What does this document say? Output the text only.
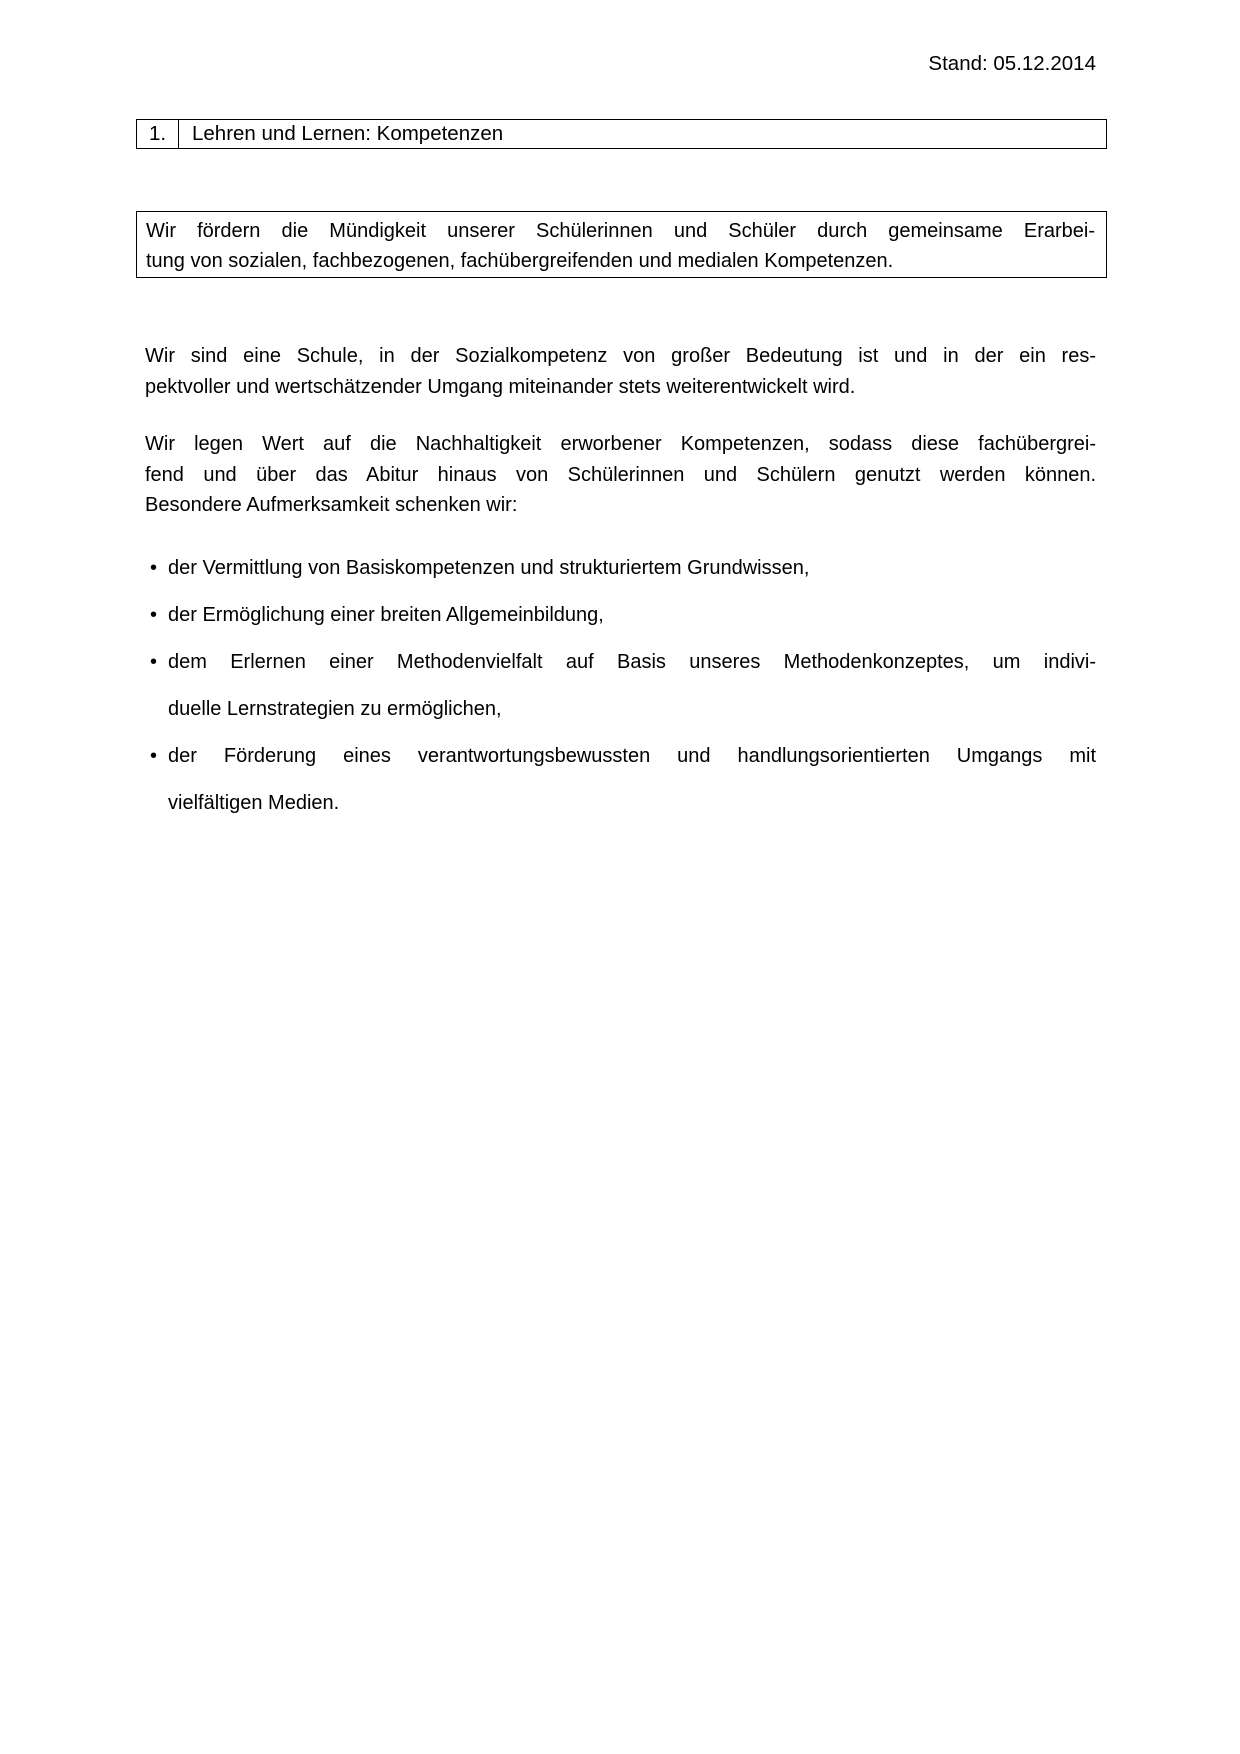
Stand: 05.12.2014
1.	Lehren und Lernen: Kompetenzen
Wir fördern die Mündigkeit unserer Schülerinnen und Schüler durch gemeinsame Erarbei-
tung von sozialen, fachbezogenen, fachübergreifenden und medialen Kompetenzen.
Wir sind eine Schule, in der Sozialkompetenz von großer Bedeutung ist und in der ein res-
pektvoller und wertschätzender Umgang miteinander stets weiterentwickelt wird.
Wir legen Wert auf die Nachhaltigkeit erworbener Kompetenzen, sodass diese fachübergrei-
fend und über das Abitur hinaus von Schülerinnen und Schülern genutzt werden können.
Besondere Aufmerksamkeit schenken wir:
• der Vermittlung von Basiskompetenzen und strukturiertem Grundwissen,
• der Ermöglichung einer breiten Allgemeinbildung,
• dem Erlernen einer Methodenvielfalt auf Basis unseres Methodenkonzeptes, um indivi-
duelle Lernstrategien zu ermöglichen,
• der Förderung eines verantwortungsbewussten und handlungsorientierten Umgangs mit
vielfältigen Medien.
